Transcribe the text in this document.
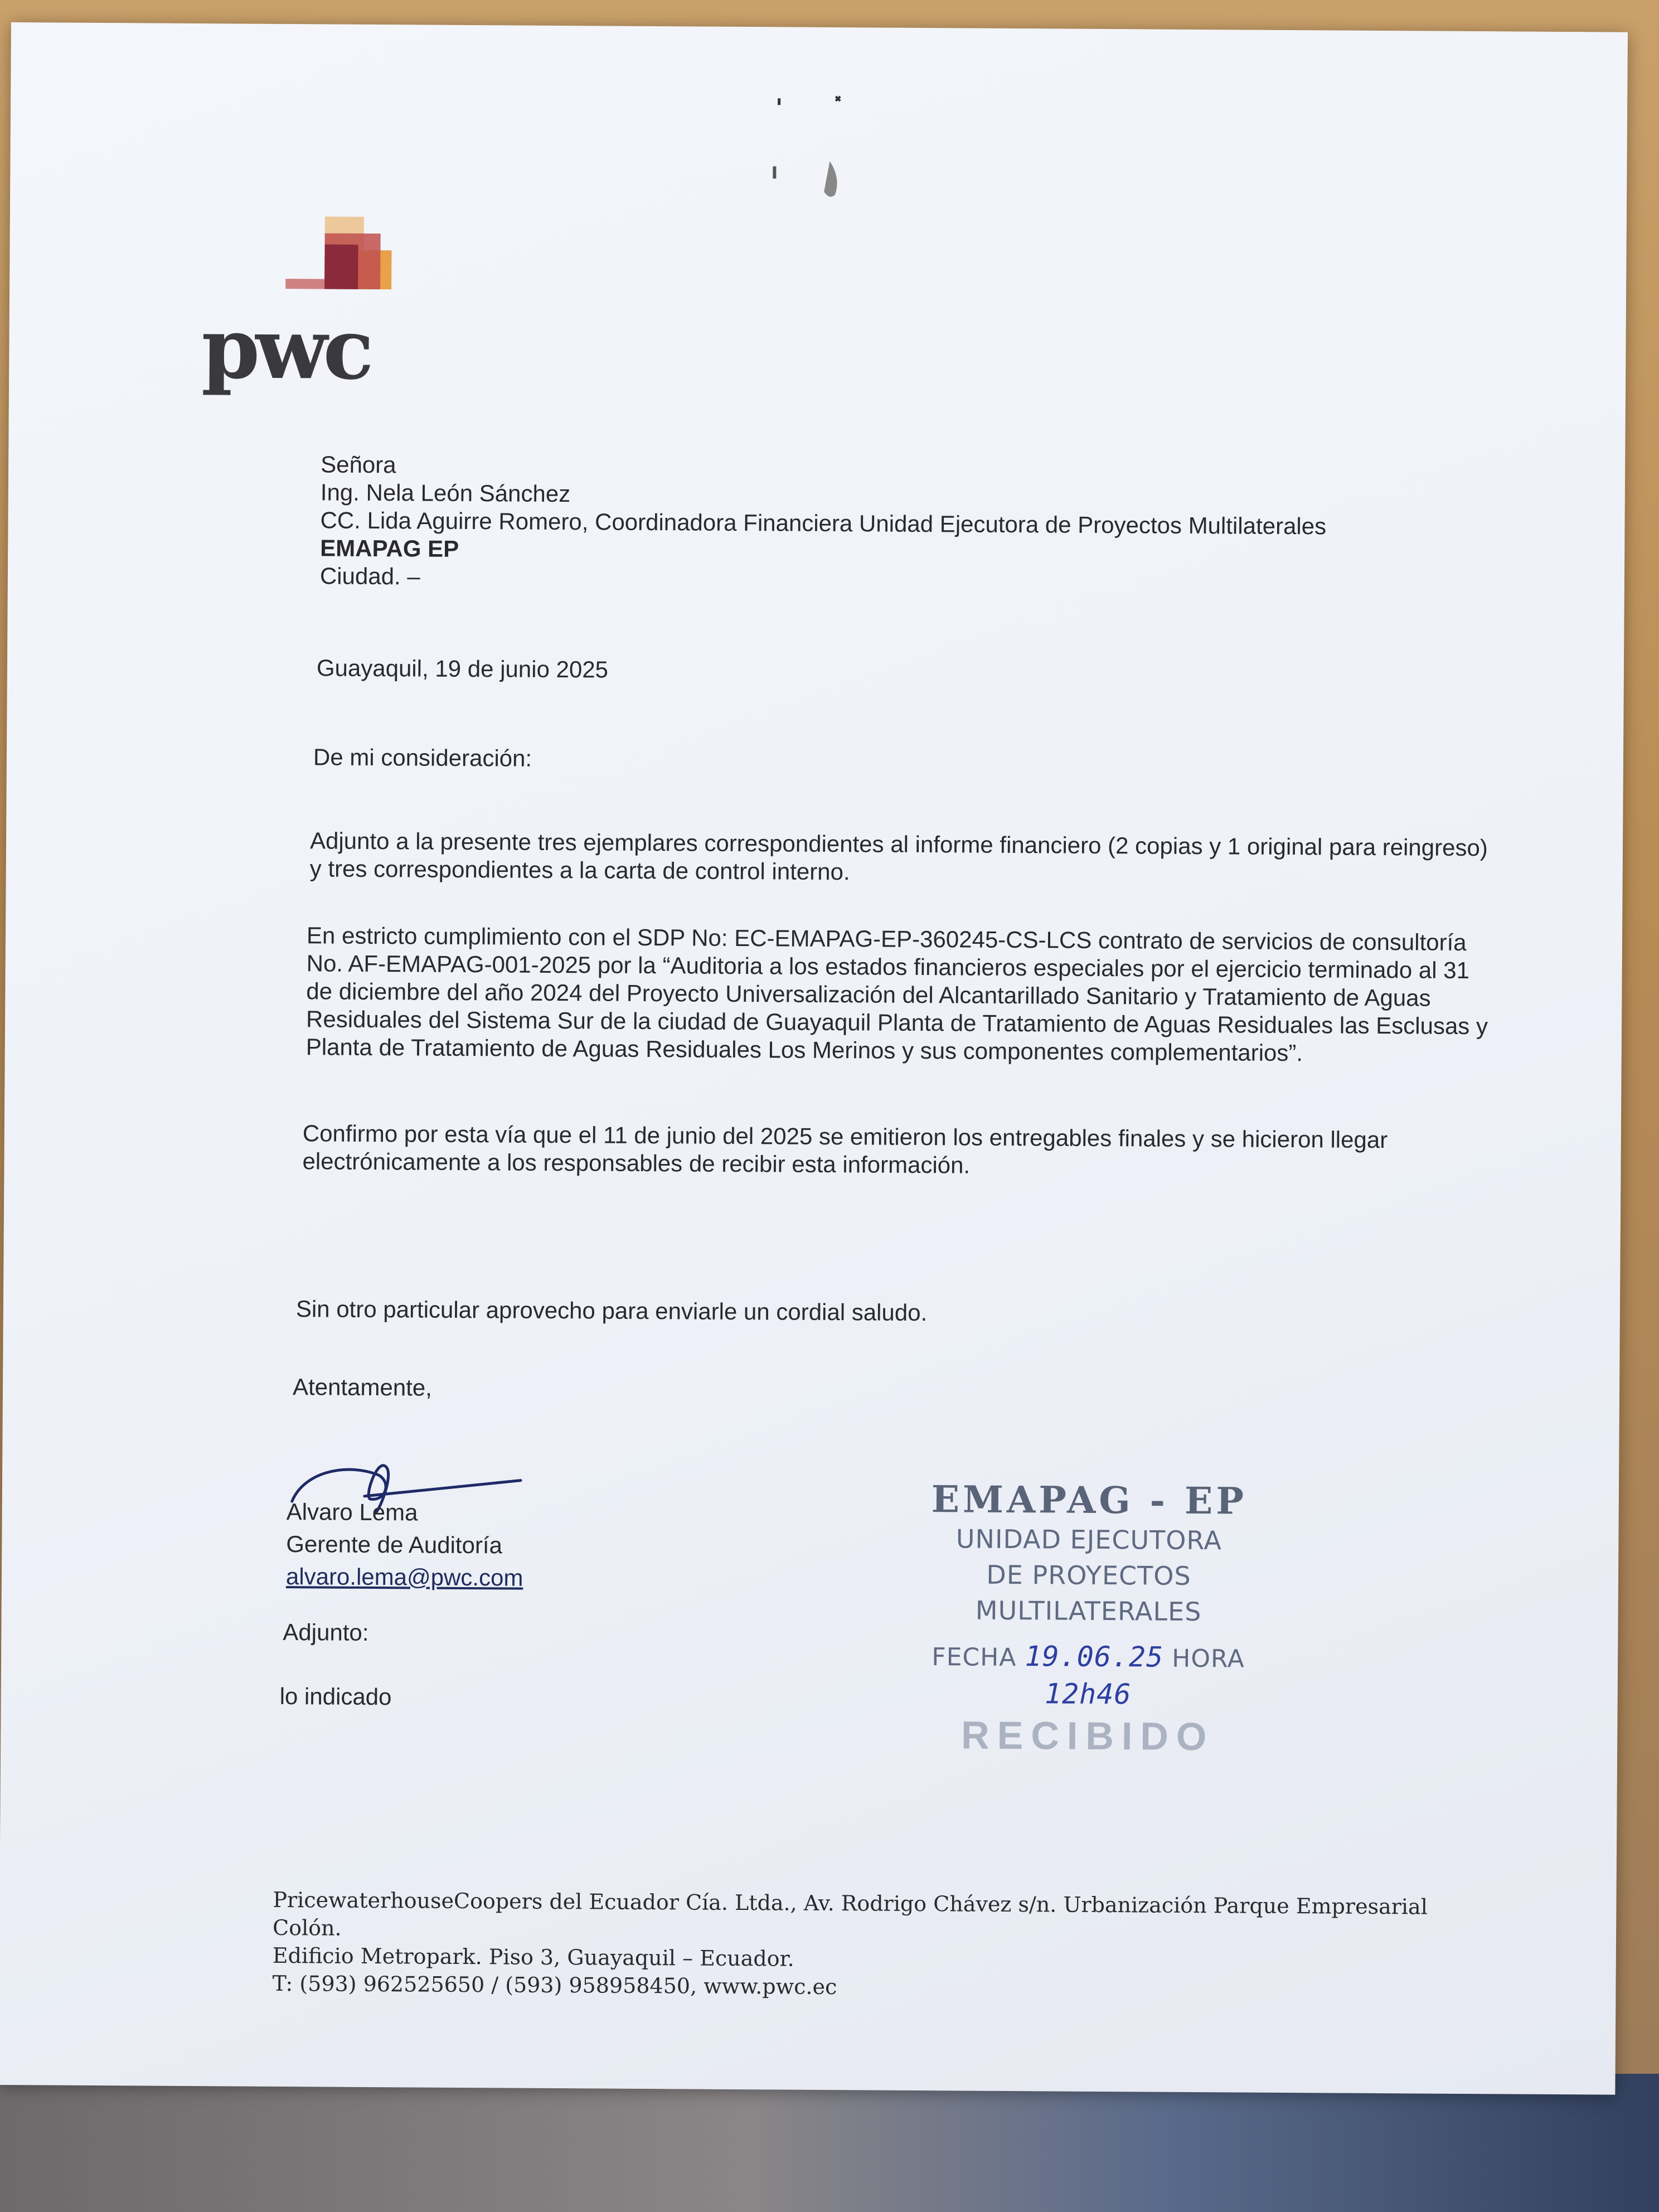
pwc

Señora

Ing. Nela León Sánchez

CC. Lida Aguirre Romero, Coordinadora Financiera Unidad Ejecutora de Proyectos Multilaterales

EMAPAG EP

Ciudad. –

Guayaquil, 19 de junio 2025
De mi consideración:
Adjunto a la presente tres ejemplares correspondientes al informe financiero (2 copias y 1 original para reingreso) y tres correspondientes a la carta de control interno.
En estricto cumplimiento con el SDP No: EC-EMAPAG-EP-360245-CS-LCS contrato de servicios de consultoría No. AF-EMAPAG-001-2025 por la “Auditoria a los estados financieros especiales por el ejercicio terminado al 31 de diciembre del año 2024 del Proyecto Universalización del Alcantarillado Sanitario y Tratamiento de Aguas Residuales del Sistema Sur de la ciudad de Guayaquil Planta de Tratamiento de Aguas Residuales las Esclusas y Planta de Tratamiento de Aguas Residuales Los Merinos y sus componentes complementarios”.
Confirmo por esta vía que el 11 de junio del 2025 se emitieron los entregables finales y se hicieron llegar electrónicamente a los responsables de recibir esta información.
Sin otro particular aprovecho para enviarle un cordial saludo.
Atentamente,

Alvaro Lema

Gerente de Auditoría

alvaro.lema@pwc.com

Adjunto:
lo indicado
EMAPAG - EP
UNIDAD EJECUTORA
DE PROYECTOS MULTILATERALES
FECHA 19.06.25 HORA 12h46
RECIBIDO

PricewaterhouseCoopers del Ecuador Cía. Ltda., Av. Rodrigo Chávez s/n. Urbanización Parque Empresarial Colón.

Edificio Metropark. Piso 3, Guayaquil – Ecuador.

T: (593) 962525650 / (593) 958958450, www.pwc.ec
